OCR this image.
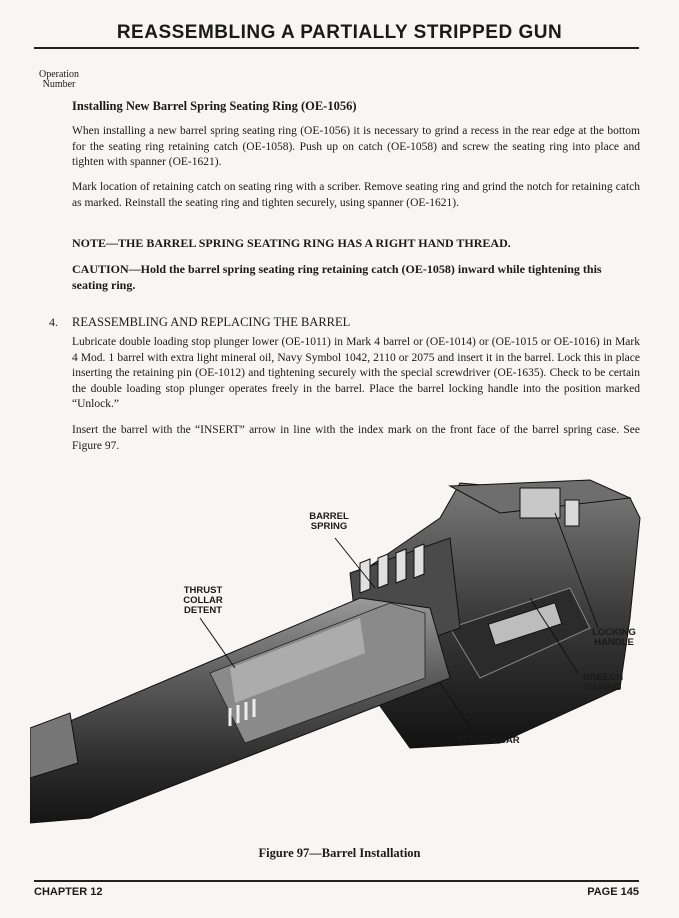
REASSEMBLING A PARTIALLY STRIPPED GUN
Operation
Number
Installing New Barrel Spring Seating Ring (OE-1056)

When installing a new barrel spring seating ring (OE-1056) it is necessary to grind a recess in the rear edge at the bottom for the seating ring retaining catch (OE-1058). Push up on catch (OE-1058) and screw the seating ring into place and tighten with spanner (OE-1621).

Mark location of retaining catch on seating ring with a scriber. Remove seating ring and grind the notch for retaining catch as marked. Reinstall the seating ring and tighten securely, using spanner (OE-1621).

NOTE—THE BARREL SPRING SEATING RING HAS A RIGHT HAND THREAD.

CAUTION—Hold the barrel spring seating ring retaining catch (OE-1058) inward while tightening this seating ring.

4. REASSEMBLING AND REPLACING THE BARREL

Lubricate double loading stop plunger lower (OE-1011) in Mark 4 barrel or (OE-1014) or (OE-1015 or OE-1016) in Mark 4 Mod. 1 barrel with extra light mineral oil, Navy Symbol 1042, 2110 or 2075 and insert it in the barrel. Lock this in place inserting the retaining pin (OE-1012) and tightening securely with the special screwdriver (OE-1635). Check to be certain the double loading stop plunger operates freely in the barrel. Place the barrel locking handle into the position marked “Unlock.”

Insert the barrel with the “INSERT” arrow in line with the index mark on the front face of the barrel spring case. See Figure 97.

BARREL
SPRING
THRUST
COLLAR
DETENT
LOCKING
HANDLE
BREECH
CASING
BREECH BAR
Figure 97—Barrel Installation
CHAPTER 12	PAGE 145
